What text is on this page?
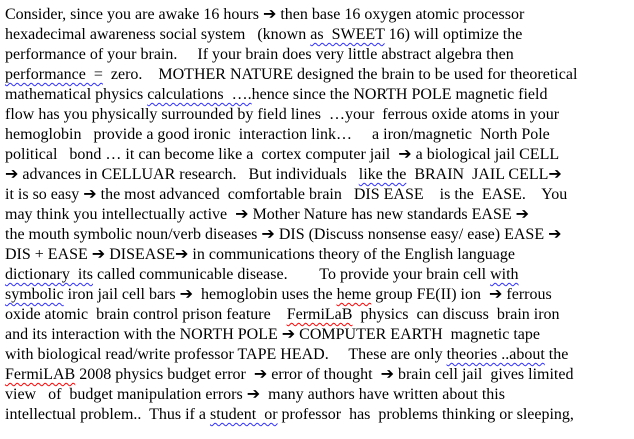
Consider, since you are awake 16 hours ➔ then base 16 oxygen atomic processor
hexadecimal awareness social system   (known as  SWEET 16) will optimize the
performance of your brain.     If your brain does very little abstract algebra then
performance  =  zero.    MOTHER NATURE designed the brain to be used for theoretical
mathematical physics calculations  ….hence since the NORTH POLE magnetic field
flow has you physically surrounded by field lines  …your  ferrous oxide atoms in your
hemoglobin   provide a good ironic  interaction link…     a iron/magnetic  North Pole
political   bond … it can become like a  cortex computer jail  ➔ a biological jail CELL
➔ advances in CELLUAR research.   But individuals   like the  BRAIN  JAIL CELL➔
it is so easy ➔ the most advanced  comfortable brain   DIS EASE    is the  EASE.    You
may think you intellectually active  ➔ Mother Nature has new standards EASE ➔
the mouth symbolic noun/verb diseases ➔ DIS (Discuss nonsense easy/ ease) EASE ➔
DIS + EASE ➔ DISEASE➔ in communications theory of the English language
dictionary  its called communicable disease.        To provide your brain cell with
symbolic iron jail cell bars ➔  hemoglobin uses the heme group FE(II) ion  ➔ ferrous
oxide atomic  brain control prison feature    FermiLaB  physics  can discuss  brain iron
and its interaction with the NORTH POLE ➔ COMPUTER EARTH  magnetic tape
with biological read/write professor TAPE HEAD.     These are only theories ..about the
FermiLAB 2008 physics budget error  ➔ error of thought  ➔ brain cell jail  gives limited
view   of  budget manipulation errors ➔  many authors have written about this
intellectual problem..  Thus if a student  or professor  has  problems thinking or sleeping,
